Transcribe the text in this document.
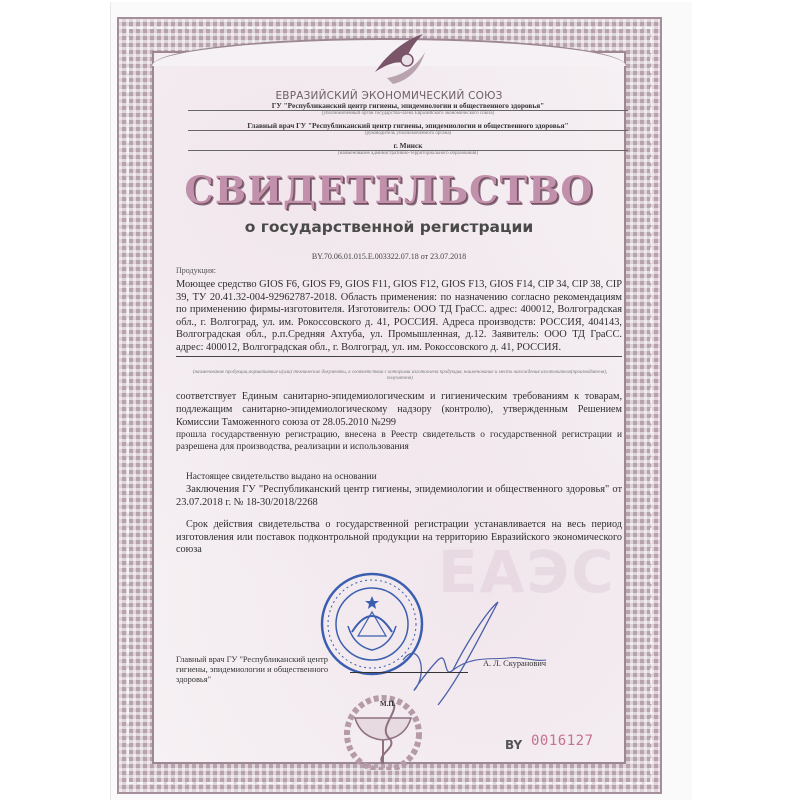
ЕВРАЗИЙСКИЙ ЭКОНОМИЧЕСКИЙ СОЮЗ
ГУ "Республиканский центр гигиены, эпидемиологии и общественного здоровья"
(уполномоченный орган государства-члена Евразийского экономического союза)
Главный врач ГУ "Республиканский центр гигиены, эпидемиологии и общественного здоровья"
(руководитель уполномоченного органа)
г. Минск
(наименование административно-территориального образования)
СВИДЕТЕЛЬСТВО
о государственной регистрации
BY.70.06.01.015.E.003322.07.18 от 23.07.2018
Продукция:
Моющее средство GIOS F6, GIOS F9, GIOS F11, GIOS F12, GIOS F13, GIOS F14, CIP 34, CIP 38, CIP 39, ТУ 20.41.32-004-92962787-2018. Область применения: по назначению согласно рекомендациям по применению фирмы-изготовителя. Изготовитель: ООО ТД ГраСС. адрес: 400012, Волгоградская обл., г. Волгоград, ул. им. Рокоссовского д. 41, РОССИЯ. Адреса производств: РОССИЯ, 404143, Волгоградская обл., р.п.Средняя Ахтуба, ул. Промышленная, д.12. Заявитель: ООО ТД ГраСС. адрес: 400012, Волгоградская обл., г. Волгоград, ул. им. Рокоссовского д. 41, РОССИЯ.
(наименование продукции,нормативные и(или) технические документы, в соответствии с которыми изготовлена продукция, наименование и место нахождения изготовителя(производителя), получателя)
соответствует Единым санитарно-эпидемиологическим и гигиеническим требованиям к товарам, подлежащим санитарно-эпидемиологическому надзору (контролю), утвержденным Решением Комиссии Таможенного союза от 28.05.2010 №299
прошла государственную регистрацию, внесена в Реестр свидетельств о государственной регистрации и разрешена для производства, реализации и использования
Настоящее свидетельство выдано на основании
Заключения ГУ "Республиканский центр гигиены, эпидемиологии и общественного здоровья" от 23.07.2018 г. № 18-30/2018/2268
Срок действия свидетельства о государственной регистрации устанавливается на весь период изготовления или поставок подконтрольной продукции на территорию Евразийского экономического союза	ЕАЭС
Главный врач ГУ "Республиканский центр гигиены, эпидемиологии и общественного здоровья"
А. Л. Скуранович
М.П.
BY 0016127
